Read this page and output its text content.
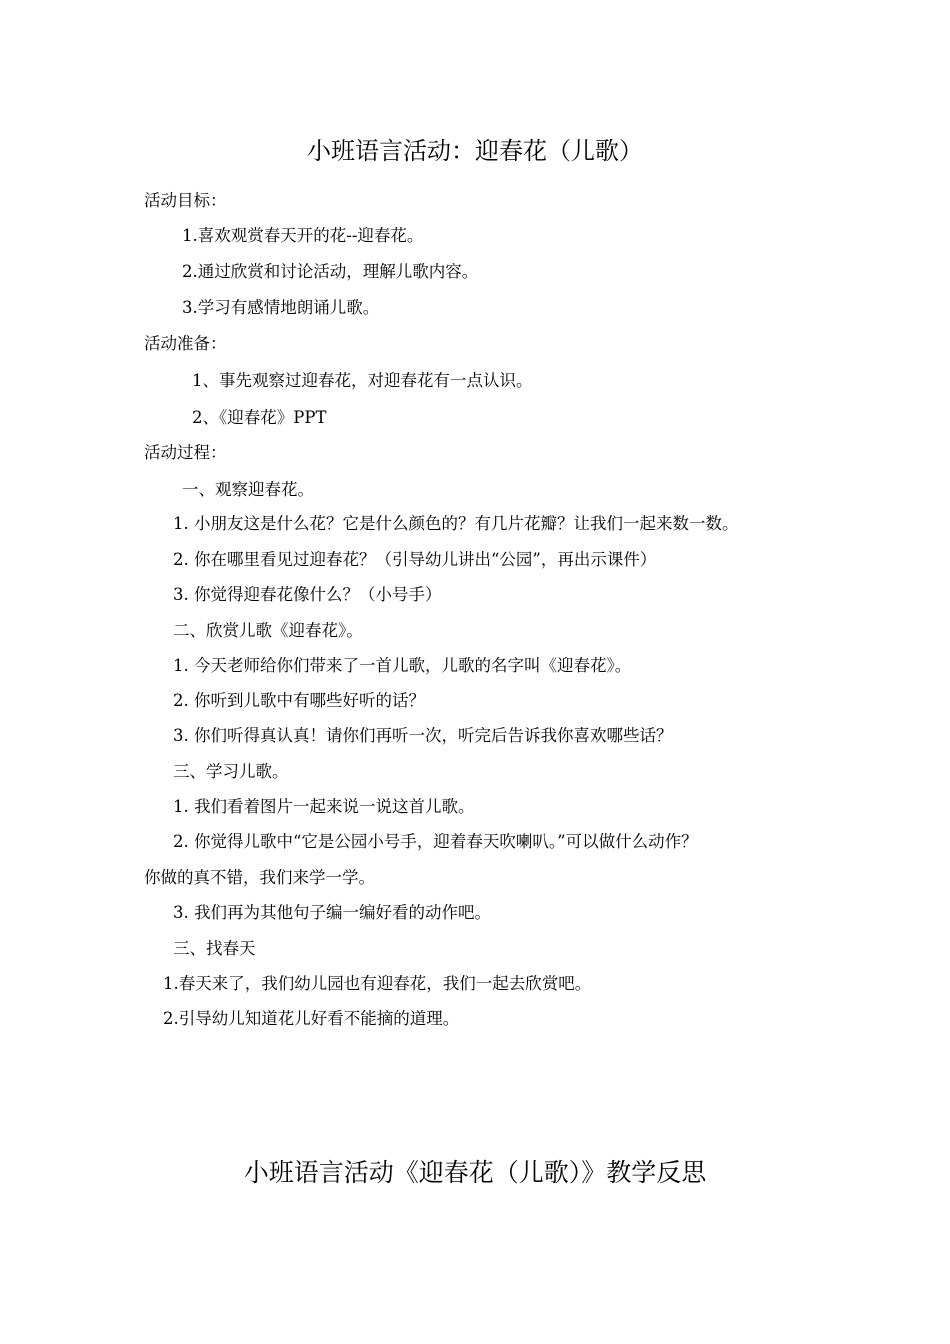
小班语言活动：迎春花（儿歌）
活动目标：
1.喜欢观赏春天开的花--迎春花。
2.通过欣赏和讨论活动，理解儿歌内容。
3.学习有感情地朗诵儿歌。
活动准备：
1、事先观察过迎春花，对迎春花有一点认识。
2、《迎春花》PPT
活动过程：
一、观察迎春花。
1. 小朋友这是什么花？它是什么颜色的？有几片花瓣？让我们一起来数一数。
2. 你在哪里看见过迎春花？（引导幼儿讲出“公园”，再出示课件）
3. 你觉得迎春花像什么？（小号手）
二、欣赏儿歌《迎春花》。
1. 今天老师给你们带来了一首儿歌，儿歌的名字叫《迎春花》。
2. 你听到儿歌中有哪些好听的话？
3. 你们听得真认真！请你们再听一次，听完后告诉我你喜欢哪些话？
三、学习儿歌。
1. 我们看着图片一起来说一说这首儿歌。
2. 你觉得儿歌中“它是公园小号手，迎着春天吹喇叭。”可以做什么动作？
你做的真不错，我们来学一学。
3. 我们再为其他句子编一编好看的动作吧。
三、找春天
1.春天来了，我们幼儿园也有迎春花，我们一起去欣赏吧。
2.引导幼儿知道花儿好看不能摘的道理。
小班语言活动《迎春花（儿歌）》教学反思
